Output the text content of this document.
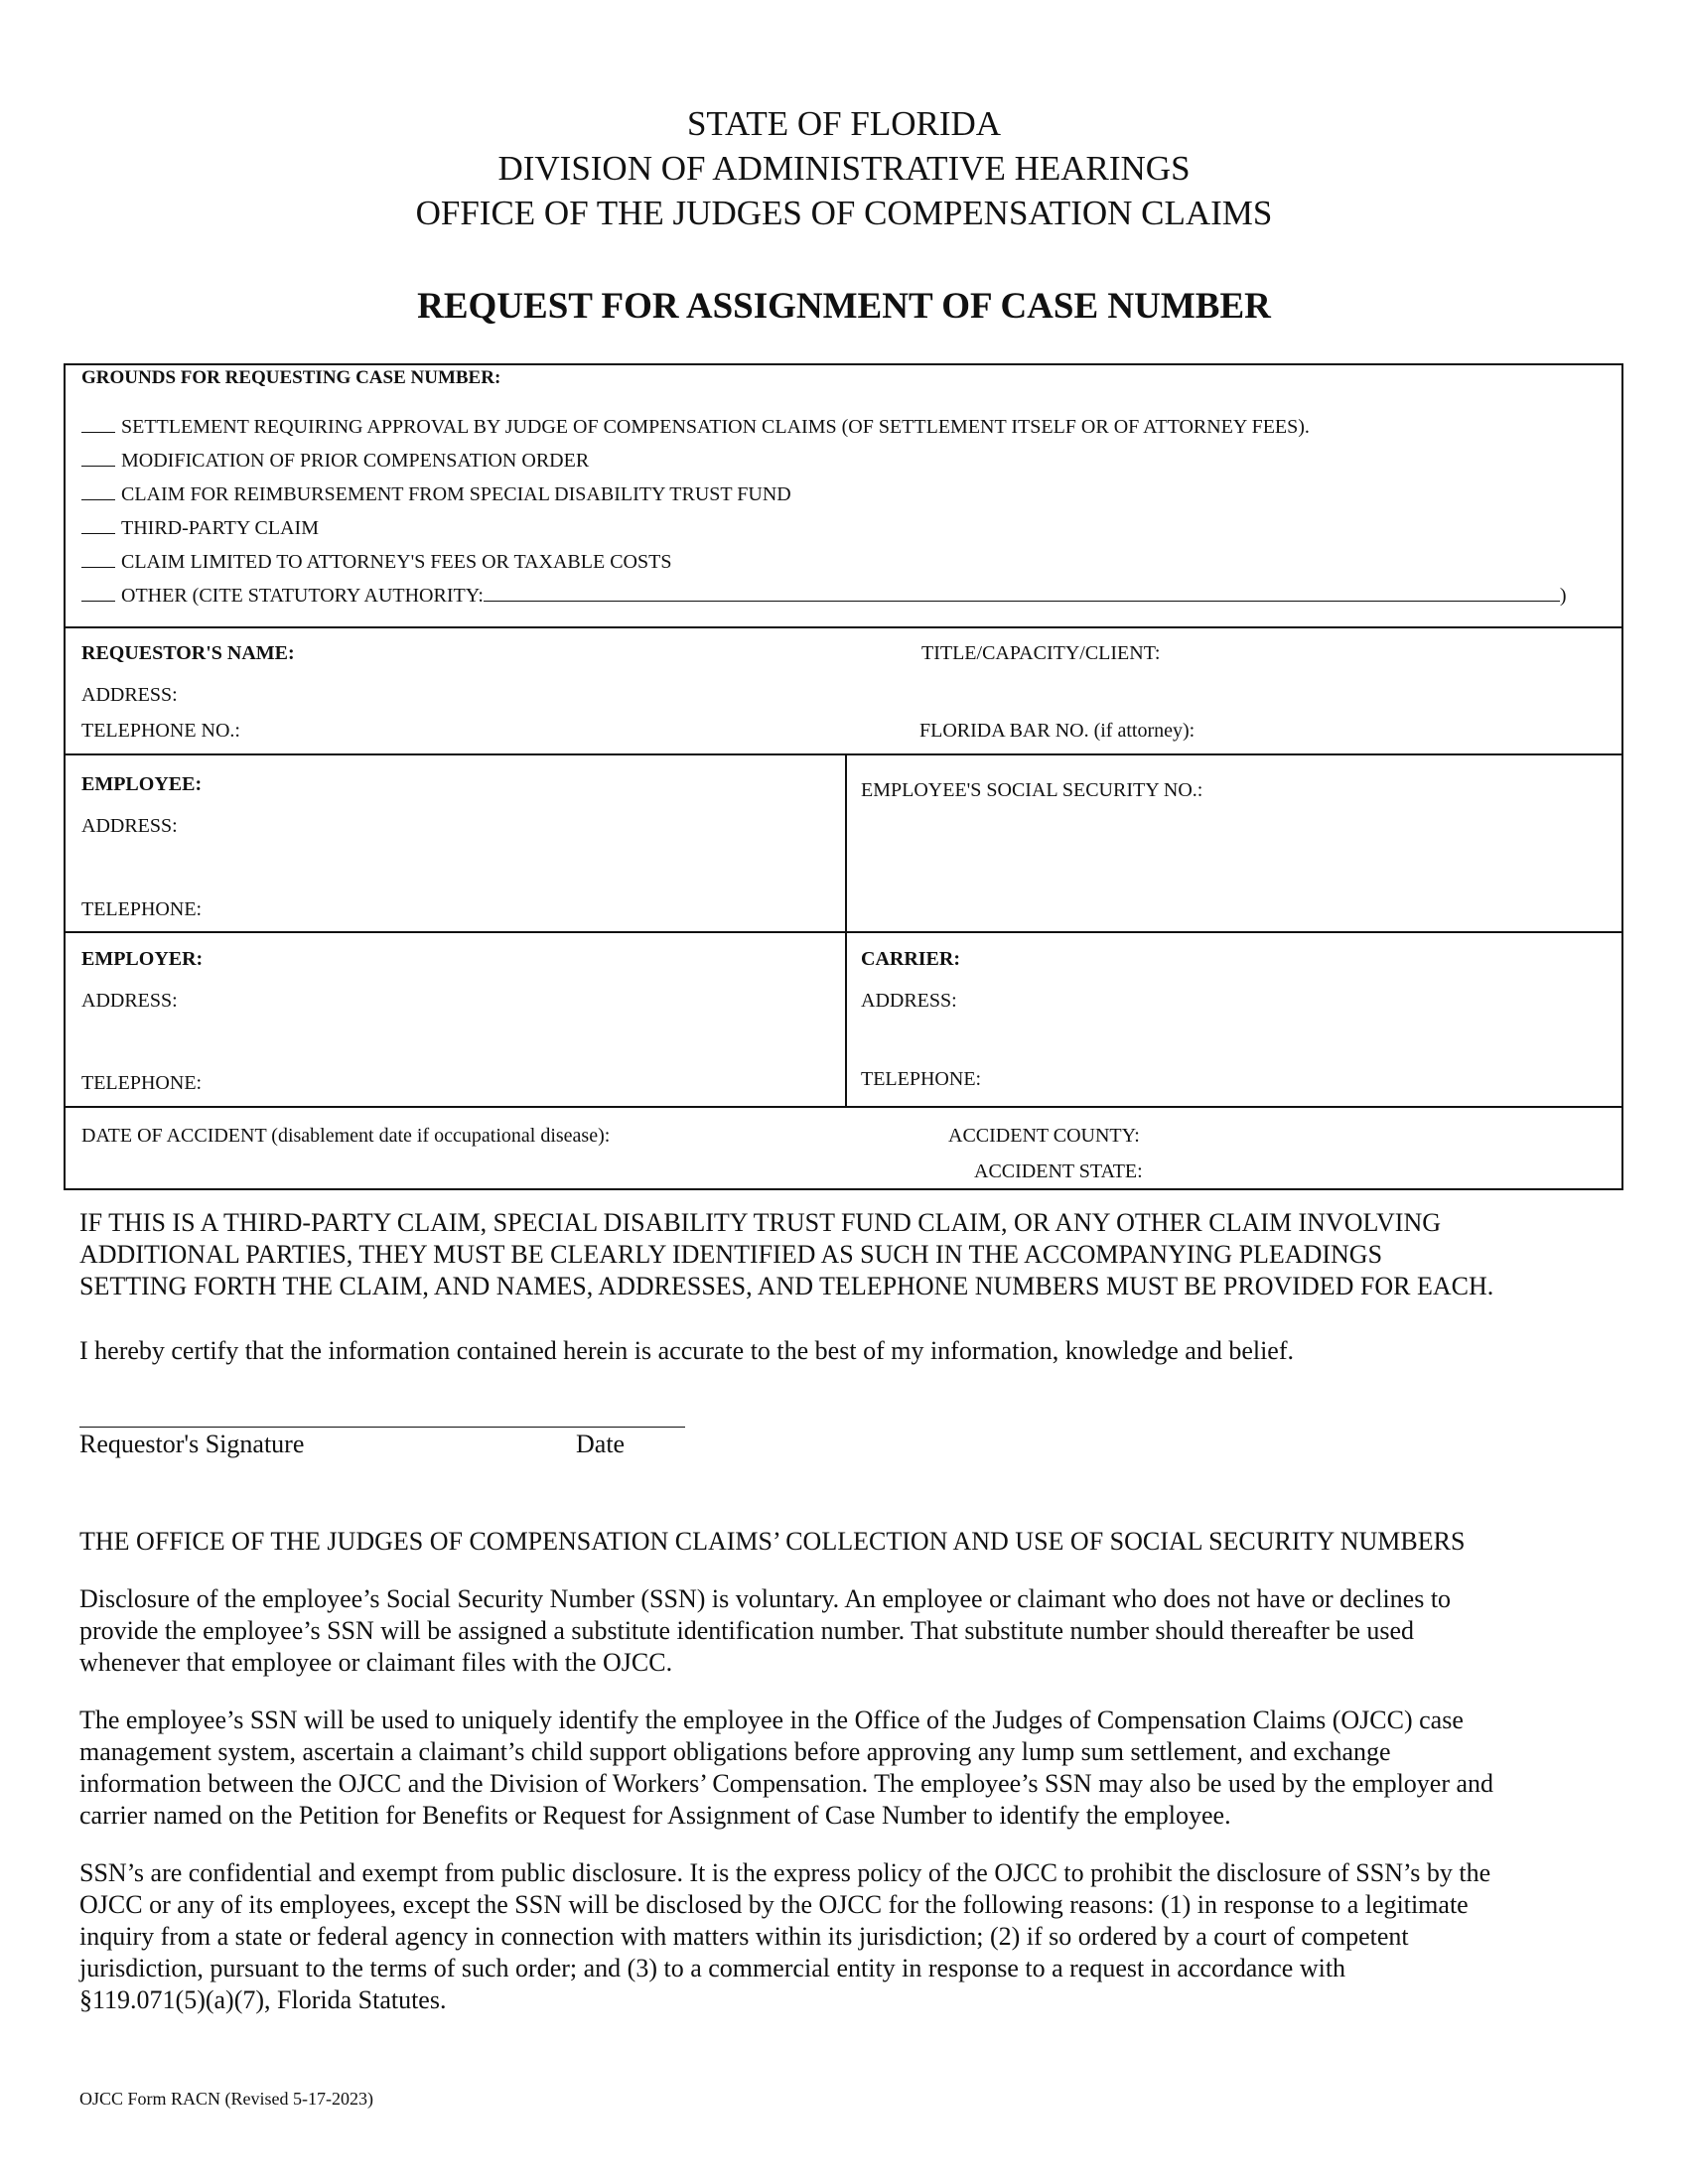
STATE OF FLORIDA
DIVISION OF ADMINISTRATIVE HEARINGS
OFFICE OF THE JUDGES OF COMPENSATION CLAIMS
REQUEST FOR ASSIGNMENT OF CASE NUMBER
GROUNDS FOR REQUESTING CASE NUMBER:
SETTLEMENT REQUIRING APPROVAL BY JUDGE OF COMPENSATION CLAIMS (OF SETTLEMENT ITSELF OR OF ATTORNEY FEES).
MODIFICATION OF PRIOR COMPENSATION ORDER
CLAIM FOR REIMBURSEMENT FROM SPECIAL DISABILITY TRUST FUND
THIRD-PARTY CLAIM
CLAIM LIMITED TO ATTORNEY'S FEES OR TAXABLE COSTS
OTHER (CITE STATUTORY AUTHORITY:	)
REQUESTOR'S NAME:	TITLE/CAPACITY/CLIENT:
ADDRESS:
TELEPHONE NO.:	FLORIDA BAR NO. (if attorney):
EMPLOYEE:
ADDRESS:
TELEPHONE:
EMPLOYEE'S SOCIAL SECURITY NO.:
EMPLOYER:
ADDRESS:
TELEPHONE:
CARRIER:
ADDRESS:
TELEPHONE:
DATE OF ACCIDENT (disablement date if occupational disease):	ACCIDENT COUNTY:
ACCIDENT STATE:
IF THIS IS A THIRD-PARTY CLAIM, SPECIAL DISABILITY TRUST FUND CLAIM, OR ANY OTHER CLAIM INVOLVING
ADDITIONAL PARTIES, THEY MUST BE CLEARLY IDENTIFIED AS SUCH IN THE ACCOMPANYING PLEADINGS
SETTING FORTH THE CLAIM, AND NAMES, ADDRESSES, AND TELEPHONE NUMBERS MUST BE PROVIDED FOR EACH.
I hereby certify that the information contained herein is accurate to the best of my information, knowledge and belief.
Requestor's Signature	Date
THE OFFICE OF THE JUDGES OF COMPENSATION CLAIMS’ COLLECTION AND USE OF SOCIAL SECURITY NUMBERS
Disclosure of the employee’s Social Security Number (SSN) is voluntary. An employee or claimant who does not have or declines to
provide the employee’s SSN will be assigned a substitute identification number. That substitute number should thereafter be used
whenever that employee or claimant files with the OJCC.
The employee’s SSN will be used to uniquely identify the employee in the Office of the Judges of Compensation Claims (OJCC) case
management system, ascertain a claimant’s child support obligations before approving any lump sum settlement, and exchange
information between the OJCC and the Division of Workers’ Compensation. The employee’s SSN may also be used by the employer and
carrier named on the Petition for Benefits or Request for Assignment of Case Number to identify the employee.
SSN’s are confidential and exempt from public disclosure. It is the express policy of the OJCC to prohibit the disclosure of SSN’s by the
OJCC or any of its employees, except the SSN will be disclosed by the OJCC for the following reasons: (1) in response to a legitimate
inquiry from a state or federal agency in connection with matters within its jurisdiction; (2) if so ordered by a court of competent
jurisdiction, pursuant to the terms of such order; and (3) to a commercial entity in response to a request in accordance with
§119.071(5)(a)(7), Florida Statutes.
OJCC Form RACN (Revised 5-17-2023)
